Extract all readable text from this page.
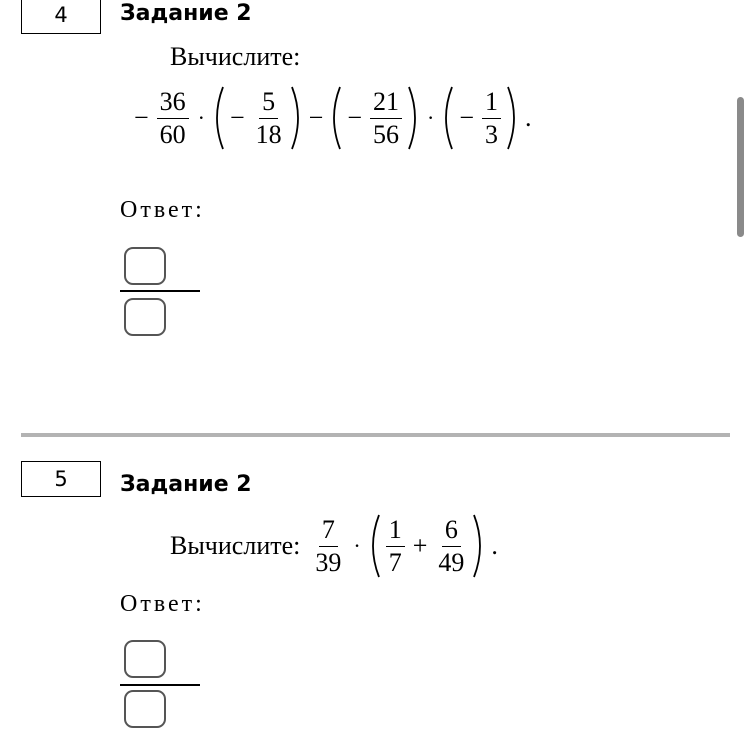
4	Задание 2
Вычислите:
− $\frac{36}{60}$ · − $\frac{5}{18}$ − − $\frac{21}{56}$ · − $\frac{1}{3}$ .
Ответ:
5	Задание 2
Вычислите: $\frac{7}{39} \cdot \frac{1}{7} + \frac{6}{49}$ .
Ответ:
